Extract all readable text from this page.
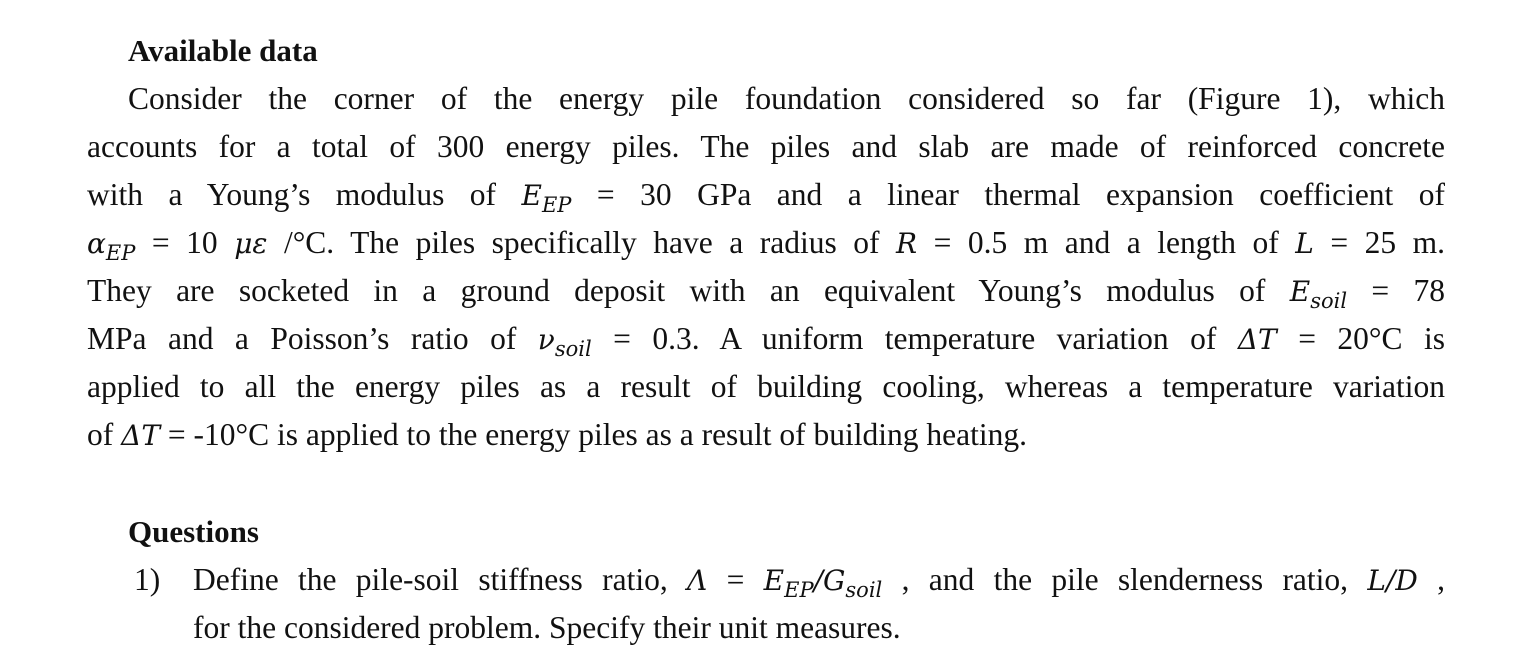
Available data
Consider the corner of the energy pile foundation considered so far (Figure 1), which
accounts for a total of 300 energy piles. The piles and slab are made of reinforced concrete
with a Young’s modulus of $E_{EP} = 30$ GPa and a linear thermal expansion coefficient of
$\alpha_{EP} = 10$ με /°C. The piles specifically have a radius of R = 0.5 m and a length of L = 25 m.
They are socketed in a ground deposit with an equivalent Young’s modulus of $E_{soil} = 78$
MPa and a Poisson’s ratio of $\nu_{soil} = 0.3$. A uniform temperature variation of ΔT = 20°C is
applied to all the energy piles as a result of building cooling, whereas a temperature variation
of ΔT = -10°C is applied to the energy piles as a result of building heating.
Questions
1) Define the pile-soil stiffness ratio, $\Lambda = E_{EP}/G_{soil}$ , and the pile slenderness ratio, L/D ,
for the considered problem. Specify their unit measures.
